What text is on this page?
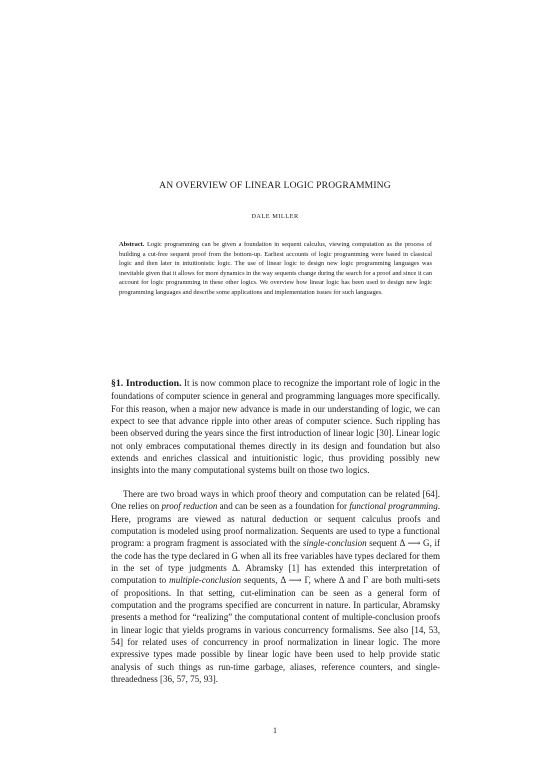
AN OVERVIEW OF LINEAR LOGIC PROGRAMMING
DALE MILLER
Abstract. Logic programming can be given a foundation in sequent calculus, viewing computation as the process of building a cut-free sequent proof from the bottom-up. Earliest accounts of logic programming were based in classical logic and then later in intuitionistic logic. The use of linear logic to design new logic programming languages was inevitable given that it allows for more dynamics in the way sequents change during the search for a proof and since it can account for logic programming in these other logics. We overview how linear logic has been used to design new logic programming languages and describe some applications and implementation issues for such languages.

§1. Introduction. It is now common place to recognize the important role of logic in the foundations of computer science in general and programming languages more specifically. For this reason, when a major new advance is made in our understanding of logic, we can expect to see that advance ripple into other areas of computer science. Such rippling has been observed during the years since the first introduction of linear logic [30]. Linear logic not only embraces computational themes directly in its design and foundation but also extends and enriches classical and intuitionistic logic, thus providing possibly new insights into the many computational systems built on those two logics.

There are two broad ways in which proof theory and computation can be related [64]. One relies on proof reduction and can be seen as a foundation for functional programming. Here, programs are viewed as natural deduction or sequent calculus proofs and computation is modeled using proof normalization. Sequents are used to type a functional program: a program fragment is associated with the single-conclusion sequent Δ ⟶ G, if the code has the type declared in G when all its free variables have types declared for them in the set of type judgments Δ. Abramsky [1] has extended this interpretation of computation to multiple-conclusion sequents, Δ ⟶ Γ, where Δ and Γ are both multi-sets of propositions. In that setting, cut-elimination can be seen as a general form of computation and the programs specified are concurrent in nature. In particular, Abramsky presents a method for “realizing” the computational content of multiple-conclusion proofs in linear logic that yields programs in various concurrency formalisms. See also [14, 53, 54] for related uses of concurrency in proof normalization in linear logic. The more expressive types made possible by linear logic have been used to help provide static analysis of such things as run-time garbage, aliases, reference counters, and single-threadedness [36, 57, 75, 93].

1
